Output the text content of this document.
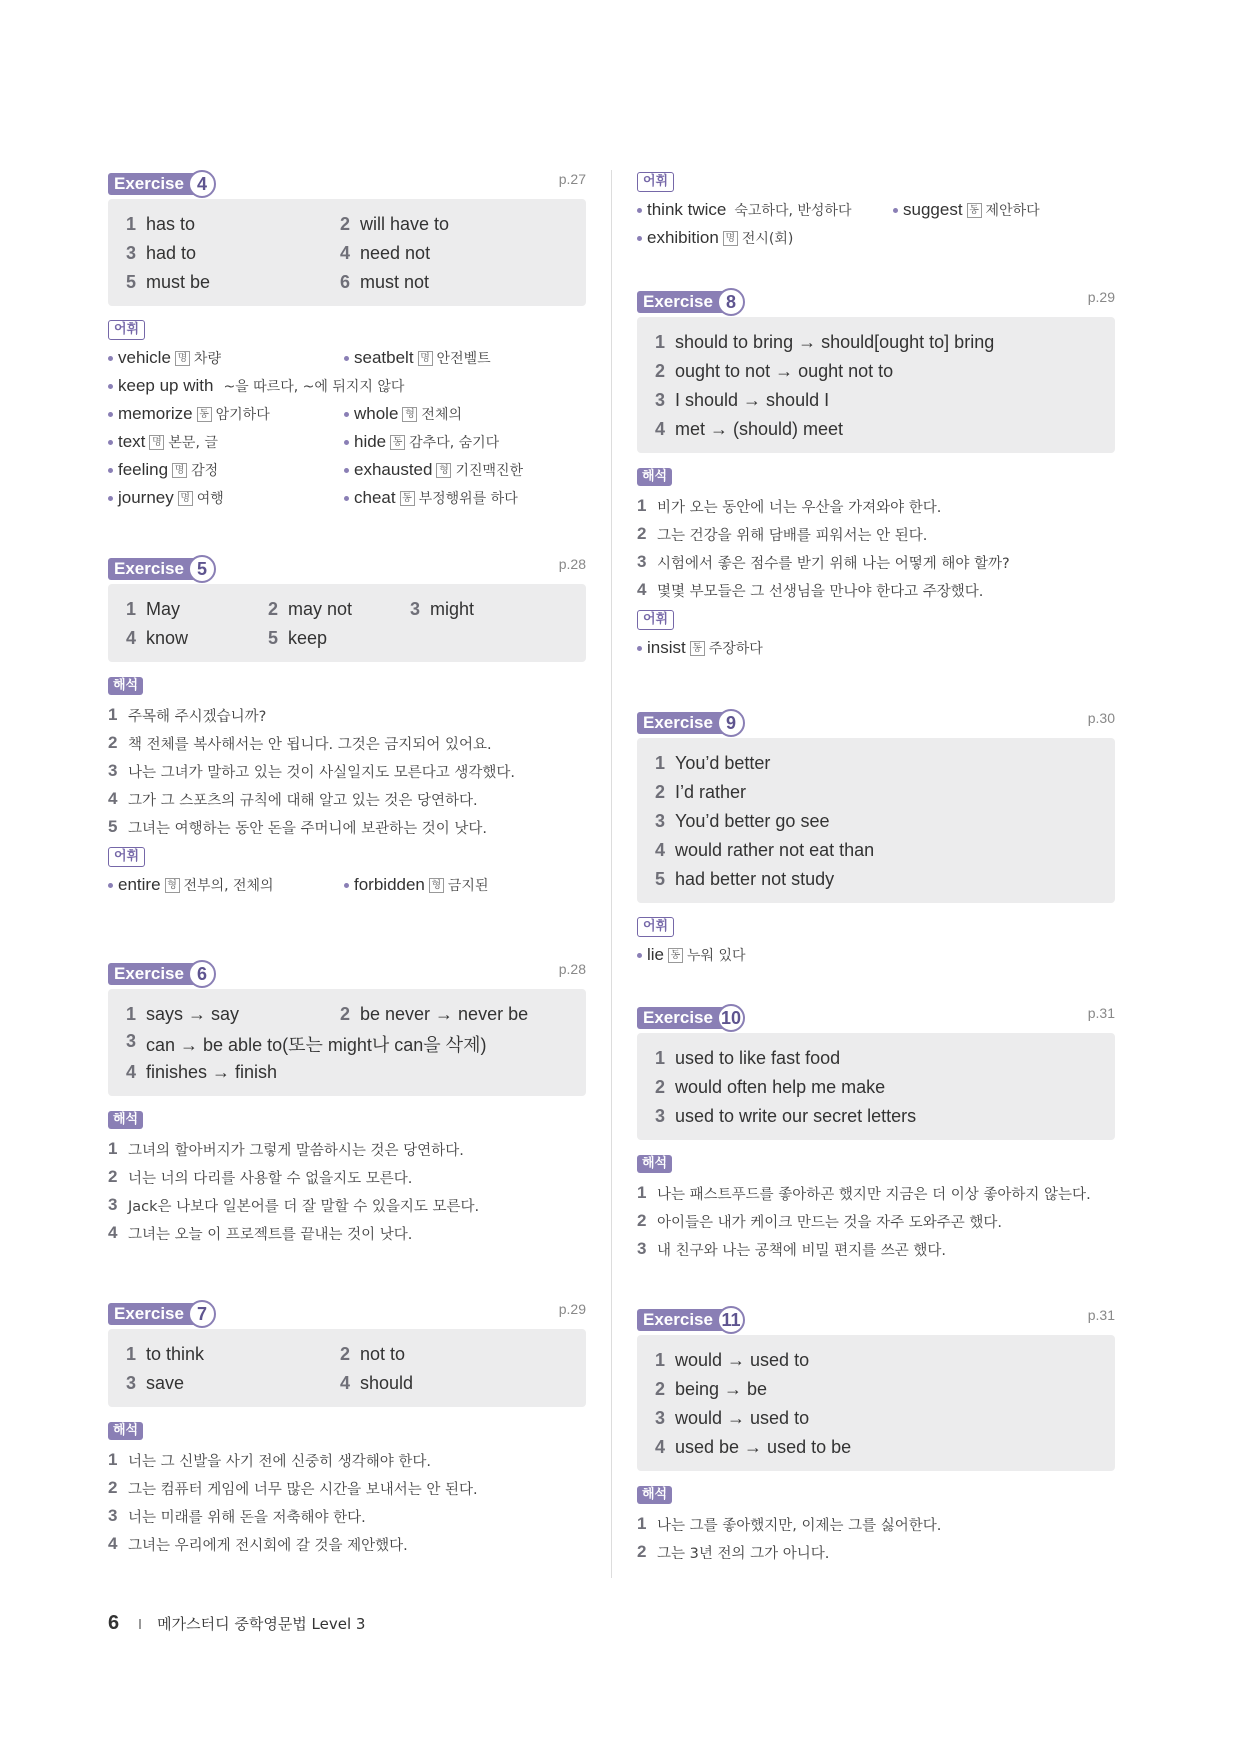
Exercise 4	p.27
1 has to	2 will have to
3 had to	4 need not
5 must be	6 must not
어휘
vehicle 명 차량	seatbelt 명 안전벨트
keep up with ~을 따르다, ~에 뒤지지 않다
memorize 동 암기하다	whole 형 전체의
text 명 본문, 글	hide 동 감추다, 숨기다
feeling 명 감정	exhausted 형 기진맥진한
journey 명 여행	cheat 동 부정행위를 하다
Exercise 5	p.28
1 May	2 may not	3 might
4 know	5 keep
해석
1 주목해 주시겠습니까?
2 책 전체를 복사해서는 안 됩니다. 그것은 금지되어 있어요.
3 나는 그녀가 말하고 있는 것이 사실일지도 모른다고 생각했다.
4 그가 그 스포츠의 규칙에 대해 알고 있는 것은 당연하다.
5 그녀는 여행하는 동안 돈을 주머니에 보관하는 것이 낫다.
어휘
entire 형 전부의, 전체의	forbidden 형 금지된
Exercise 6	p.28
1 says → say	2 be never → never be
3 can → be able to(또는 might나 can을 삭제)
4 finishes → finish
해석
1 그녀의 할아버지가 그렇게 말씀하시는 것은 당연하다.
2 너는 너의 다리를 사용할 수 없을지도 모른다.
3 Jack은 나보다 일본어를 더 잘 말할 수 있을지도 모른다.
4 그녀는 오늘 이 프로젝트를 끝내는 것이 낫다.
Exercise 7	p.29
1 to think	2 not to
3 save	4 should
해석
1 너는 그 신발을 사기 전에 신중히 생각해야 한다.
2 그는 컴퓨터 게임에 너무 많은 시간을 보내서는 안 된다.
3 너는 미래를 위해 돈을 저축해야 한다.
4 그녀는 우리에게 전시회에 갈 것을 제안했다.
어휘
think twice 숙고하다, 반성하다	suggest 동 제안하다
exhibition 명 전시(회)
Exercise 8	p.29
1 should to bring → should[ought to] bring
2 ought to not → ought not to
3 I should → should I
4 met → (should) meet
해석
1 비가 오는 동안에 너는 우산을 가져와야 한다.
2 그는 건강을 위해 담배를 피워서는 안 된다.
3 시험에서 좋은 점수를 받기 위해 나는 어떻게 해야 할까?
4 몇몇 부모들은 그 선생님을 만나야 한다고 주장했다.
어휘
insist 동 주장하다
Exercise 9	p.30
1 You’d better
2 I’d rather
3 You’d better go see
4 would rather not eat than
5 had better not study
어휘
lie 동 누워 있다
Exercise 10	p.31
1 used to like fast food
2 would often help me make
3 used to write our secret letters
해석
1 나는 패스트푸드를 좋아하곤 했지만 지금은 더 이상 좋아하지 않는다.
2 아이들은 내가 케이크 만드는 것을 자주 도와주곤 했다.
3 내 친구와 나는 공책에 비밀 편지를 쓰곤 했다.
Exercise 11	p.31
1 would → used to
2 being → be
3 would → used to
4 used be → used to be
해석
1 나는 그를 좋아했지만, 이제는 그를 싫어한다.
2 그는 3년 전의 그가 아니다.
6	메가스터디 중학영문법 Level 3
